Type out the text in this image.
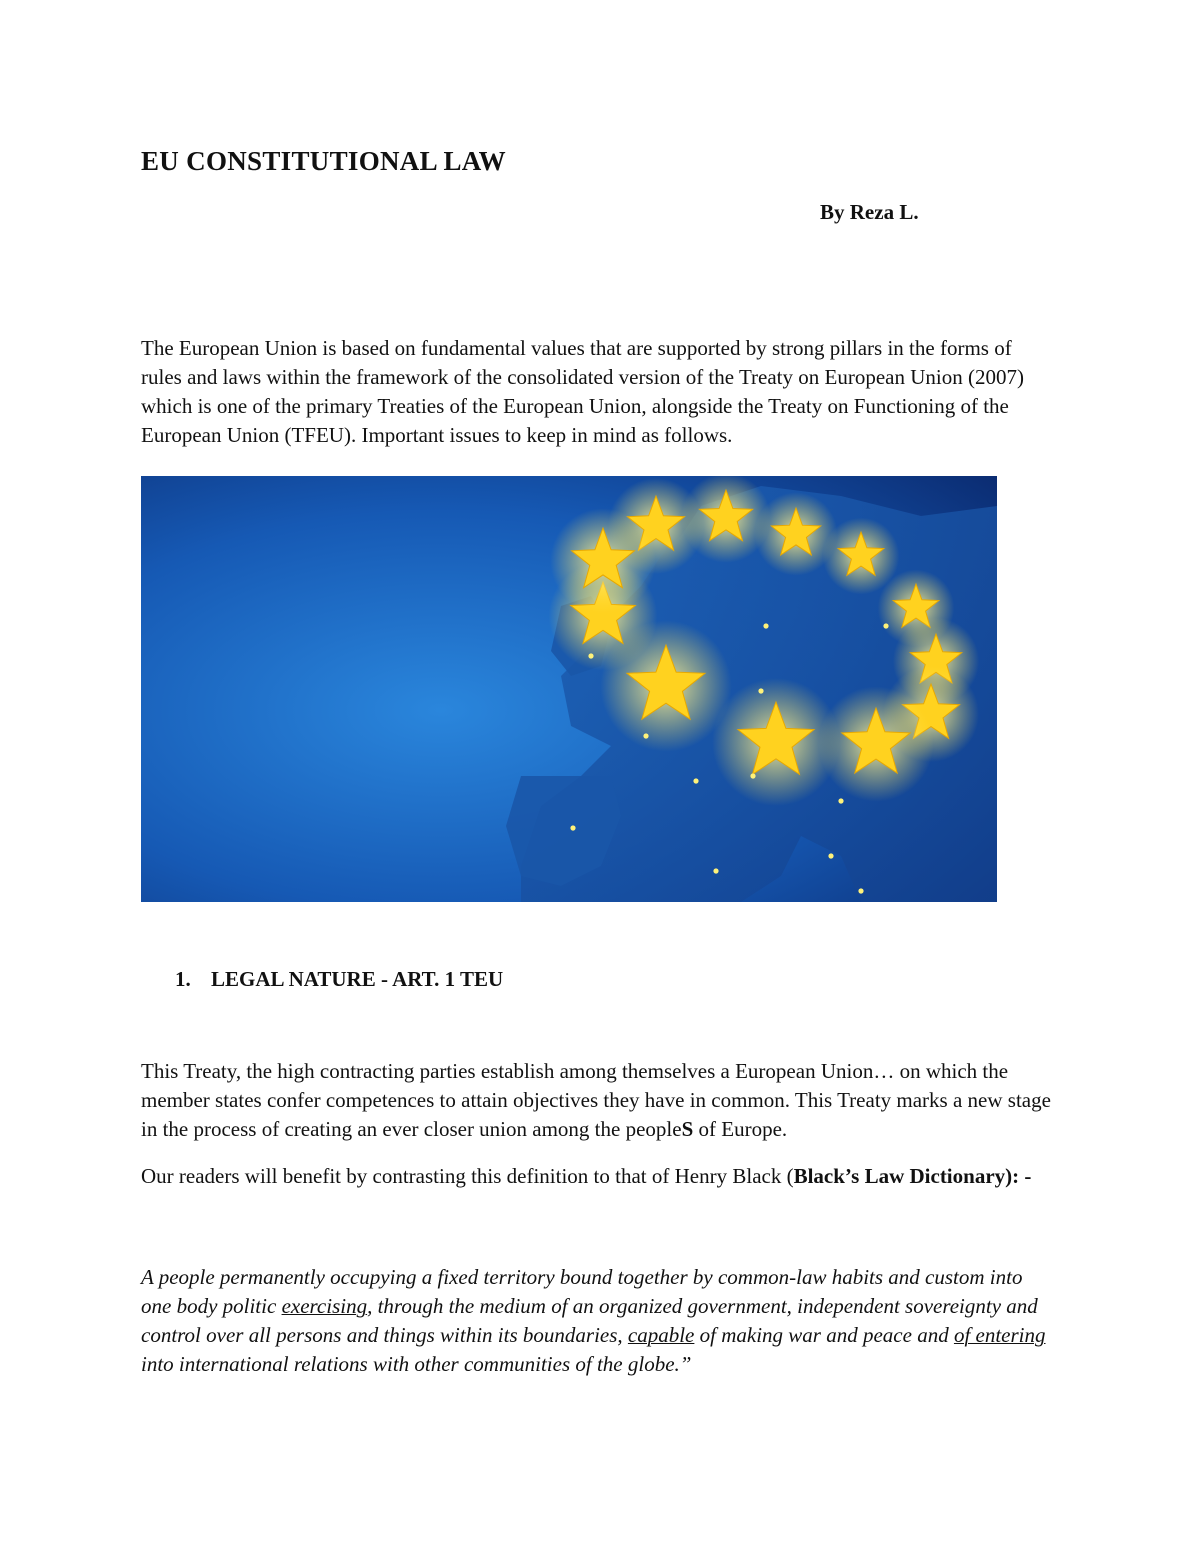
EU CONSTITUTIONAL LAW
By Reza L.

The European Union is based on fundamental values that are supported by strong pillars in the forms of rules and laws within the framework of the consolidated version of the Treaty on European Union (2007) which is one of the primary Treaties of the European Union, alongside the Treaty on Functioning of the European Union (TFEU). Important issues to keep in mind as follows.

1. LEGAL NATURE - ART. 1 TEU

This Treaty, the high contracting parties establish among themselves a European Union… on which the member states confer competences to attain objectives they have in common. This Treaty marks a new stage in the process of creating an ever closer union among the peopleS of Europe.

Our readers will benefit by contrasting this definition to that of Henry Black (Black’s Law Dictionary): -

A people permanently occupying a fixed territory bound together by common-law habits and custom into one body politic exercising, through the medium of an organized government, independent sovereignty and control over all persons and things within its boundaries, capable of making war and peace and of entering into international relations with other communities of the globe.”
